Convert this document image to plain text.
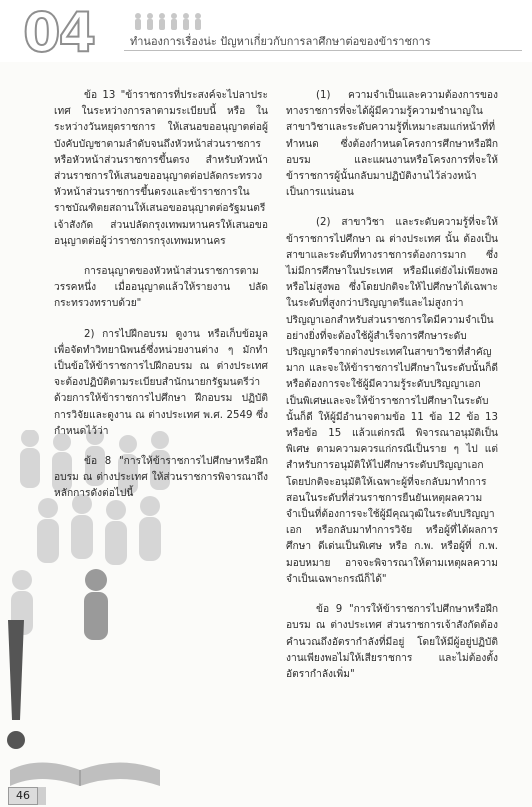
04	ทำนองการเรื่องน่ะ ปัญหาเกี่ยวกับการลาศึกษาต่อของข้าราชการ

ข้อ 13 "ข้าราชการที่ประสงค์จะไปลาประเทศ ในระหว่างการลาตามระเบียบนี้ หรือ ในระหว่างวันหยุดราชการ ให้เสนอขออนุญาตต่อผู้บังคับบัญชาตามลำดับจนถึงหัวหน้าส่วนราชการหรือหัวหน้าส่วนราชการขึ้นตรง สำหรับหัวหน้าส่วนราชการให้เสนอขออนุญาตต่อปลัดกระทรวง หัวหน้าส่วนราชการขึ้นตรงและข้าราชการในราชบัณฑิตยสถานให้เสนอขออนุญาตต่อรัฐมนตรีเจ้าสังกัด ส่วนปลัดกรุงเทพมหานครให้เสนอขออนุญาตต่อผู้ว่าราชการกรุงเทพมหานคร

การอนุญาตของหัวหน้าส่วนราชการตามวรรคหนึ่ง เมื่ออนุญาตแล้วให้รายงาน ปลัดกระทรวงทราบด้วย"

2) การไปฝึกอบรม ดูงาน หรือเก็บข้อมูลเพื่อจัดทำวิทยานิพนธ์ซึ่งหน่วยงานต่าง ๆ มักทำเป็นข้อให้ข้าราชการไปฝึกอบรม ณ ต่างประเทศ จะต้องปฏิบัติตามระเบียบสำนักนายกรัฐมนตรีว่าด้วยการให้ข้าราชการไปศึกษา ฝึกอบรม ปฏิบัติการวิจัยและดูงาน ณ ต่างประเทศ พ.ศ. 2549 ซึ่งกำหนดไว้ว่า

ข้อ 8 "การให้ข้าราชการไปศึกษาหรือฝึกอบรม ณ ต่างประเทศ ให้ส่วนราชการพิจารณาถึงหลักการดังต่อไปนี้

(1) ความจำเป็นและความต้องการของทางราชการที่จะได้ผู้มีความรู้ความชำนาญในสาขาวิชาและระดับความรู้ที่เหมาะสมแก่หน้าที่ที่ทำหนด ซึ่งต้องกำหนดโครงการศึกษาหรือฝึกอบรม และแผนงานหรือโครงการที่จะให้ข้าราชการผู้นั้นกลับมาปฏิบัติงานไว้ล่วงหน้าเป็นการแน่นอน

(2) สาขาวิชา และระดับความรู้ที่จะให้ข้าราชการไปศึกษา ณ ต่างประเทศ นั้น ต้องเป็นสาขาและระดับที่ทางราชการต้องการมาก ซึ่งไม่มีการศึกษาในประเทศ หรือมีแต่ยังไม่เพียงพอหรือไม่สูงพอ ซึ่งโดยปกติจะให้ไปศึกษาได้เฉพาะในระดับที่สูงกว่าปริญญาตรีและไม่สูงกว่าปริญญาเอกสำหรับส่วนราชการใดมีความจำเป็นอย่างยิ่งที่จะต้องใช้ผู้สำเร็จการศึกษาระดับปริญญาตรีจากต่างประเทศในสาขาวิชาที่สำคัญมาก และจะให้ข้าราชการไปศึกษาในระดับนั้นก็ดี หรือต้องการจะใช้ผู้มีความรู้ระดับปริญญาเอก เป็นพิเศษและจะให้ข้าราชการไปศึกษาในระดับนั้นก็ดี ให้ผู้มีอำนาจตามข้อ 11 ข้อ 12 ข้อ 13 หรือข้อ 15 แล้วแต่กรณี พิจารณาอนุมัติเป็นพิเศษ ตามความควรแก่กรณีเป็นราย ๆ ไป แต่สำหรับการอนุมัติให้ไปศึกษาระดับปริญญาเอก โดยปกติจะอนุมัติให้เฉพาะผู้ที่จะกลับมาทำการสอนในระดับที่ส่วนราชการยืนยันเหตุผลความจำเป็นที่ต้องการจะใช้ผู้มีคุณวุฒิในระดับปริญญาเอก หรือกลับมาทำการวิจัย หรือผู้ที่ได้ผลการศึกษา ดีเด่นเป็นพิเศษ หรือ ก.พ. หรือผู้ที่ ก.พ. มอบหมาย อาจจะพิจารณาให้ตามเหตุผลความจำเป็นเฉพาะกรณีก็ได้"

ข้อ 9 "การให้ข้าราชการไปศึกษาหรือฝึกอบรม ณ ต่างประเทศ ส่วนราชการเจ้าสังกัดต้องคำนวณถึงอัตรากำลังที่มีอยู่ โดยให้มีผู้อยู่ปฏิบัติงานเพียงพอไม่ให้เสียราชการ และไม่ต้องตั้งอัตรากำลังเพิ่ม"

46
